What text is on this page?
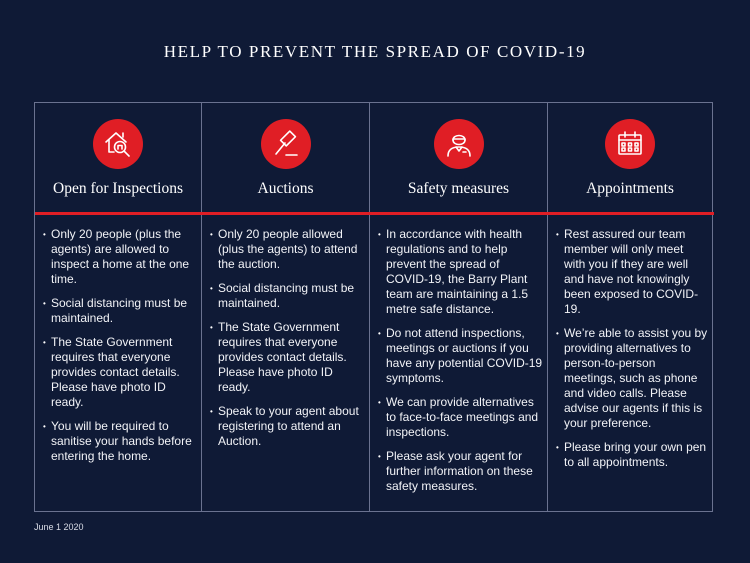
HELP TO PREVENT THE SPREAD OF COVID-19
Open for Inspections
• Only 20 people (plus the agents) are allowed to inspect a home at the one time.
• Social distancing must be maintained.
• The State Government requires that everyone provides contact details. Please have photo ID ready.
• You will be required to sanitise your hands before entering the home.
Auctions
• Only 20 people allowed (plus the agents) to attend the auction.
• Social distancing must be maintained.
• The State Government requires that everyone provides contact details. Please have photo ID ready.
• Speak to your agent about registering to attend an Auction.
Safety measures
• In accordance with health regulations and to help prevent the spread of COVID-19, the Barry Plant team are maintaining a 1.5 metre safe distance.
• Do not attend inspections, meetings or auctions if you have any potential COVID-19 symptoms.
• We can provide alternatives to face-to-face meetings and inspections.
• Please ask your agent for further information on these safety measures.
Appointments
• Rest assured our team member will only meet with you if they are well and have not knowingly been exposed to COVID-19.
• We’re able to assist you by providing alternatives to person-to-person meetings, such as phone and video calls. Please advise our agents if this is your preference.
• Please bring your own pen to all appointments.
June 1 2020
